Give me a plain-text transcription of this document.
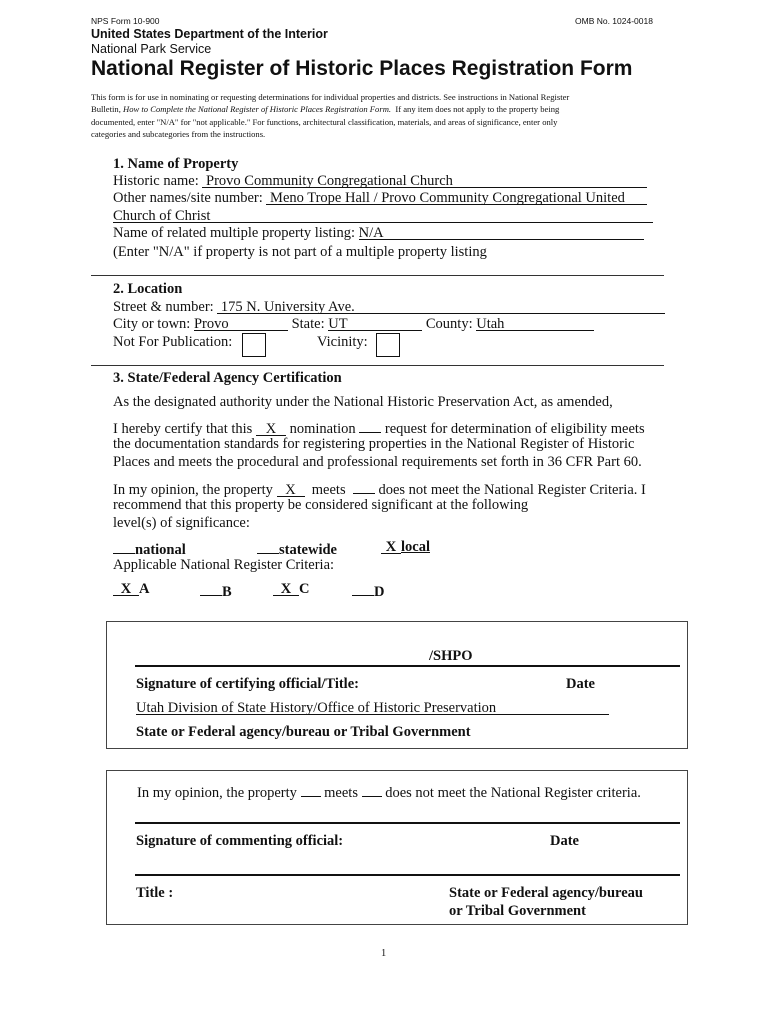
NPS Form 10-900	OMB No. 1024-0018
United States Department of the Interior
National Park Service
National Register of Historic Places Registration Form
This form is for use in nominating or requesting determinations for individual properties and districts. See instructions in National Register
Bulletin, How to Complete the National Register of Historic Places Registration Form. If any item does not apply to the property being
documented, enter "N/A" for "not applicable." For functions, architectural classification, materials, and areas of significance, enter only
categories and subcategories from the instructions.
1. Name of Property
Historic name: Provo Community Congregational Church
Other names/site number: Meno Trope Hall / Provo Community Congregational United
Church of Christ
Name of related multiple property listing: N/A
(Enter "N/A" if property is not part of a multiple property listing
2. Location
Street & number: 175 N. University Ave.
City or town: Provo	State: UT	County: Utah
Not For Publication:	Vicinity:
3. State/Federal Agency Certification
As the designated authority under the National Historic Preservation Act, as amended,
I hereby certify that this X nomination request for determination of eligibility meets
the documentation standards for registering properties in the National Register of Historic
Places and meets the procedural and professional requirements set forth in 36 CFR Part 60.
In my opinion, the property X meets does not meet the National Register Criteria. I
recommend that this property be considered significant at the following
level(s) of significance:
national	statewide	X local
Applicable National Register Criteria:
X A	B	X C	D
/SHPO
Signature of certifying official/Title:	Date
Utah Division of State History/Office of Historic Preservation
State or Federal agency/bureau or Tribal Government
In my opinion, the property meets does not meet the National Register criteria.
Signature of commenting official:	Date
Title :	State or Federal agency/bureau
or Tribal Government
1
